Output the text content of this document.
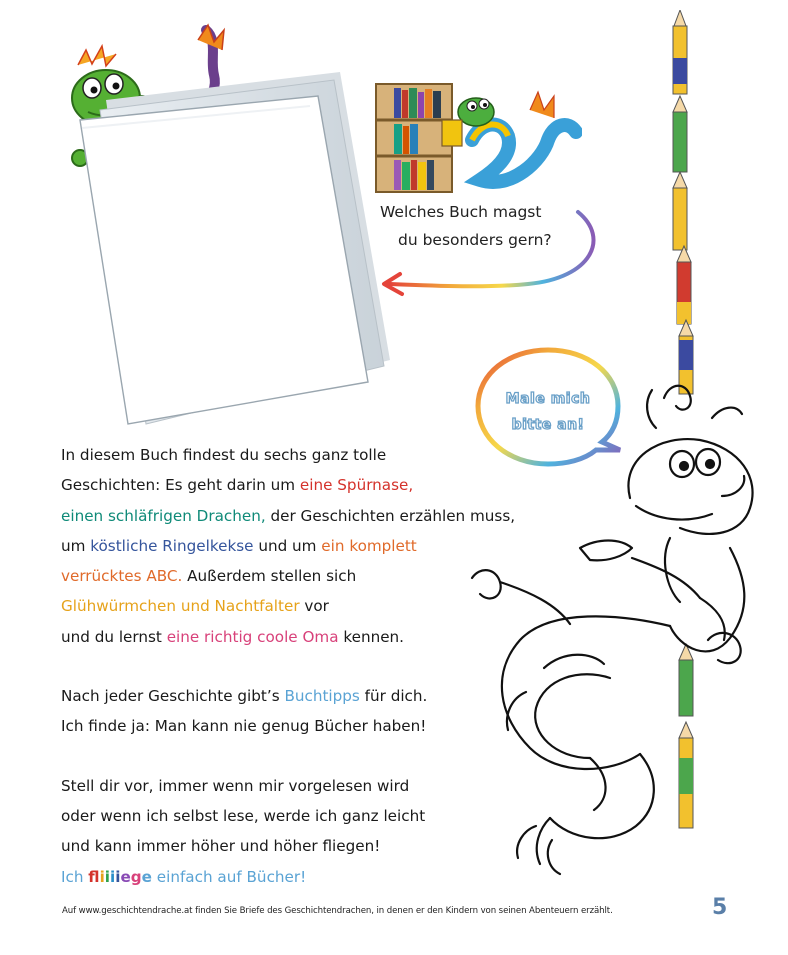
Welches Buch magst

du besonders gern?
Male mich
bitte an!

In diesem Buch findest du sechs ganz tolle
Geschichten: Es geht darin um eine Spürnase,
einen schläfrigen Drachen, der Geschichten erzählen muss,
um köstliche Ringelkekse und um ein komplett
verrücktes ABC. Außerdem stellen sich
Glühwürmchen und Nachtfalter vor
und du lernst eine richtig coole Oma kennen.

Nach jeder Geschichte gibt’s Buchtipps für dich.
Ich finde ja: Man kann nie genug Bücher haben!

Stell dir vor, immer wenn mir vorgelesen wird
oder wenn ich selbst lese, werde ich ganz leicht
und kann immer höher und höher fliegen!
Ich fiiiiege einfach auf Bücher!

Auf www.geschichtendrache.at finden Sie Briefe des Geschichtendrachen, in denen er den Kindern von seinen Abenteuern erzählt.	5
